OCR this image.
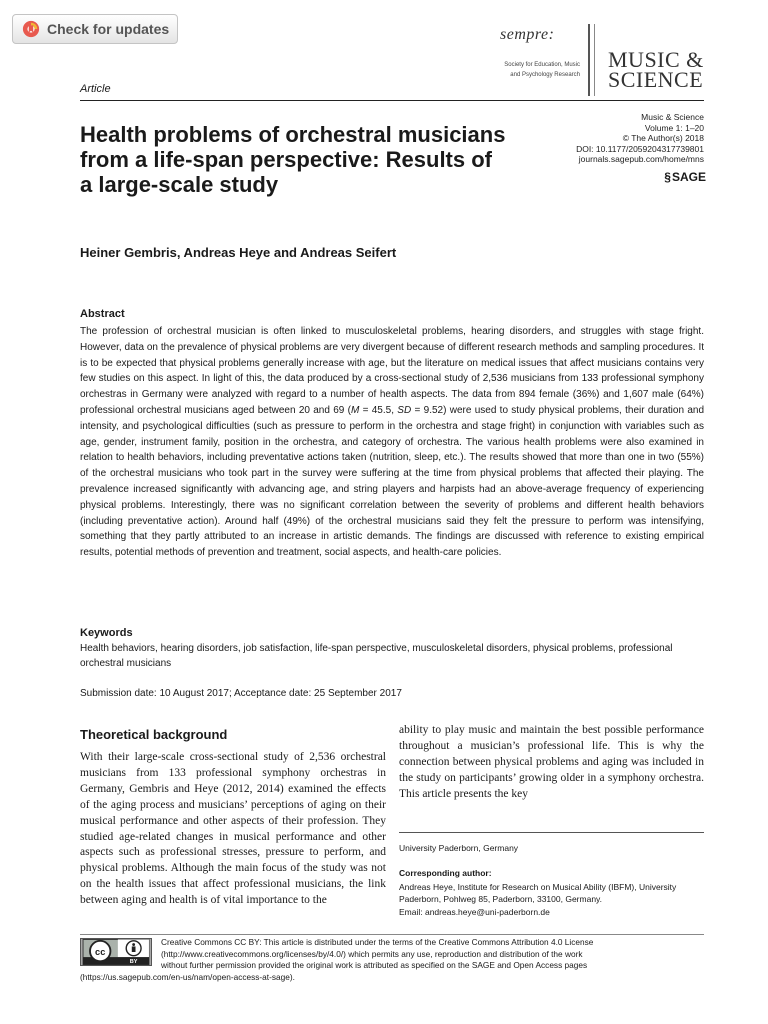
Check for updates	sempre:
Society for Education, Music
and Psychology Research
MUSIC &
SCIENCE
Article
Music & Science
Volume 1: 1–20
© The Author(s) 2018
DOI: 10.1177/2059204317739801
journals.sagepub.com/home/mns
§ SAGE
Health problems of orchestral musicians from a life-span perspective: Results of a large-scale study
Heiner Gembris, Andreas Heye and Andreas Seifert
Abstract
The profession of orchestral musician is often linked to musculoskeletal problems, hearing disorders, and struggles with stage fright. However, data on the prevalence of physical problems are very divergent because of different research methods and sampling procedures. It is to be expected that physical problems generally increase with age, but the literature on medical issues that affect musicians contains very few studies on this aspect. In light of this, the data produced by a cross-sectional study of 2,536 musicians from 133 professional symphony orchestras in Germany were analyzed with regard to a number of health aspects. The data from 894 female (36%) and 1,607 male (64%) professional orchestral musicians aged between 20 and 69 (M = 45.5, SD = 9.52) were used to study physical problems, their duration and intensity, and psychological difficulties (such as pressure to perform in the orchestra and stage fright) in conjunction with variables such as age, gender, instrument family, position in the orchestra, and category of orchestra. The various health problems were also examined in relation to health behaviors, including preventative actions taken (nutrition, sleep, etc.). The results showed that more than one in two (55%) of the orchestral musicians who took part in the survey were suffering at the time from physical problems that affected their playing. The prevalence increased significantly with advancing age, and string players and harpists had an above-average frequency of experiencing physical problems. Interestingly, there was no significant correlation between the severity of problems and different health behaviors (including preventative action). Around half (49%) of the orchestral musicians said they felt the pressure to perform was intensifying, something that they partly attributed to an increase in artistic demands. The findings are discussed with reference to existing empirical results, potential methods of prevention and treatment, social aspects, and health-care policies.
Keywords
Health behaviors, hearing disorders, job satisfaction, life-span perspective, musculoskeletal disorders, physical problems, professional orchestral musicians
Submission date: 10 August 2017; Acceptance date: 25 September 2017
Theoretical background
With their large-scale cross-sectional study of 2,536 orchestral musicians from 133 professional symphony orchestras in Germany, Gembris and Heye (2012, 2014) examined the effects of the aging process and musicians’ perceptions of aging on their musical performance and other aspects of their profession. They studied age-related changes in musical performance and other aspects such as professional stresses, pressure to perform, and physical problems. Although the main focus of the study was not on the health issues that affect professional musicians, the link between aging and health is of vital importance to the
ability to play music and maintain the best possible performance throughout a musician’s professional life. This is why the connection between physical problems and aging was included in the study on participants’ growing older in a symphony orchestra. This article presents the key
University Paderborn, Germany
Corresponding author:
Andreas Heye, Institute for Research on Musical Ability (IBFM), University
Paderborn, Pohlweg 85, Paderborn, 33100, Germany.
Email: andreas.heye@uni-paderborn.de
cc
BY
Creative Commons CC BY: This article is distributed under the terms of the Creative Commons Attribution 4.0 License
(http://www.creativecommons.org/licenses/by/4.0/) which permits any use, reproduction and distribution of the work
without further permission provided the original work is attributed as specified on the SAGE and Open Access pages
(https://us.sagepub.com/en-us/nam/open-access-at-sage).
